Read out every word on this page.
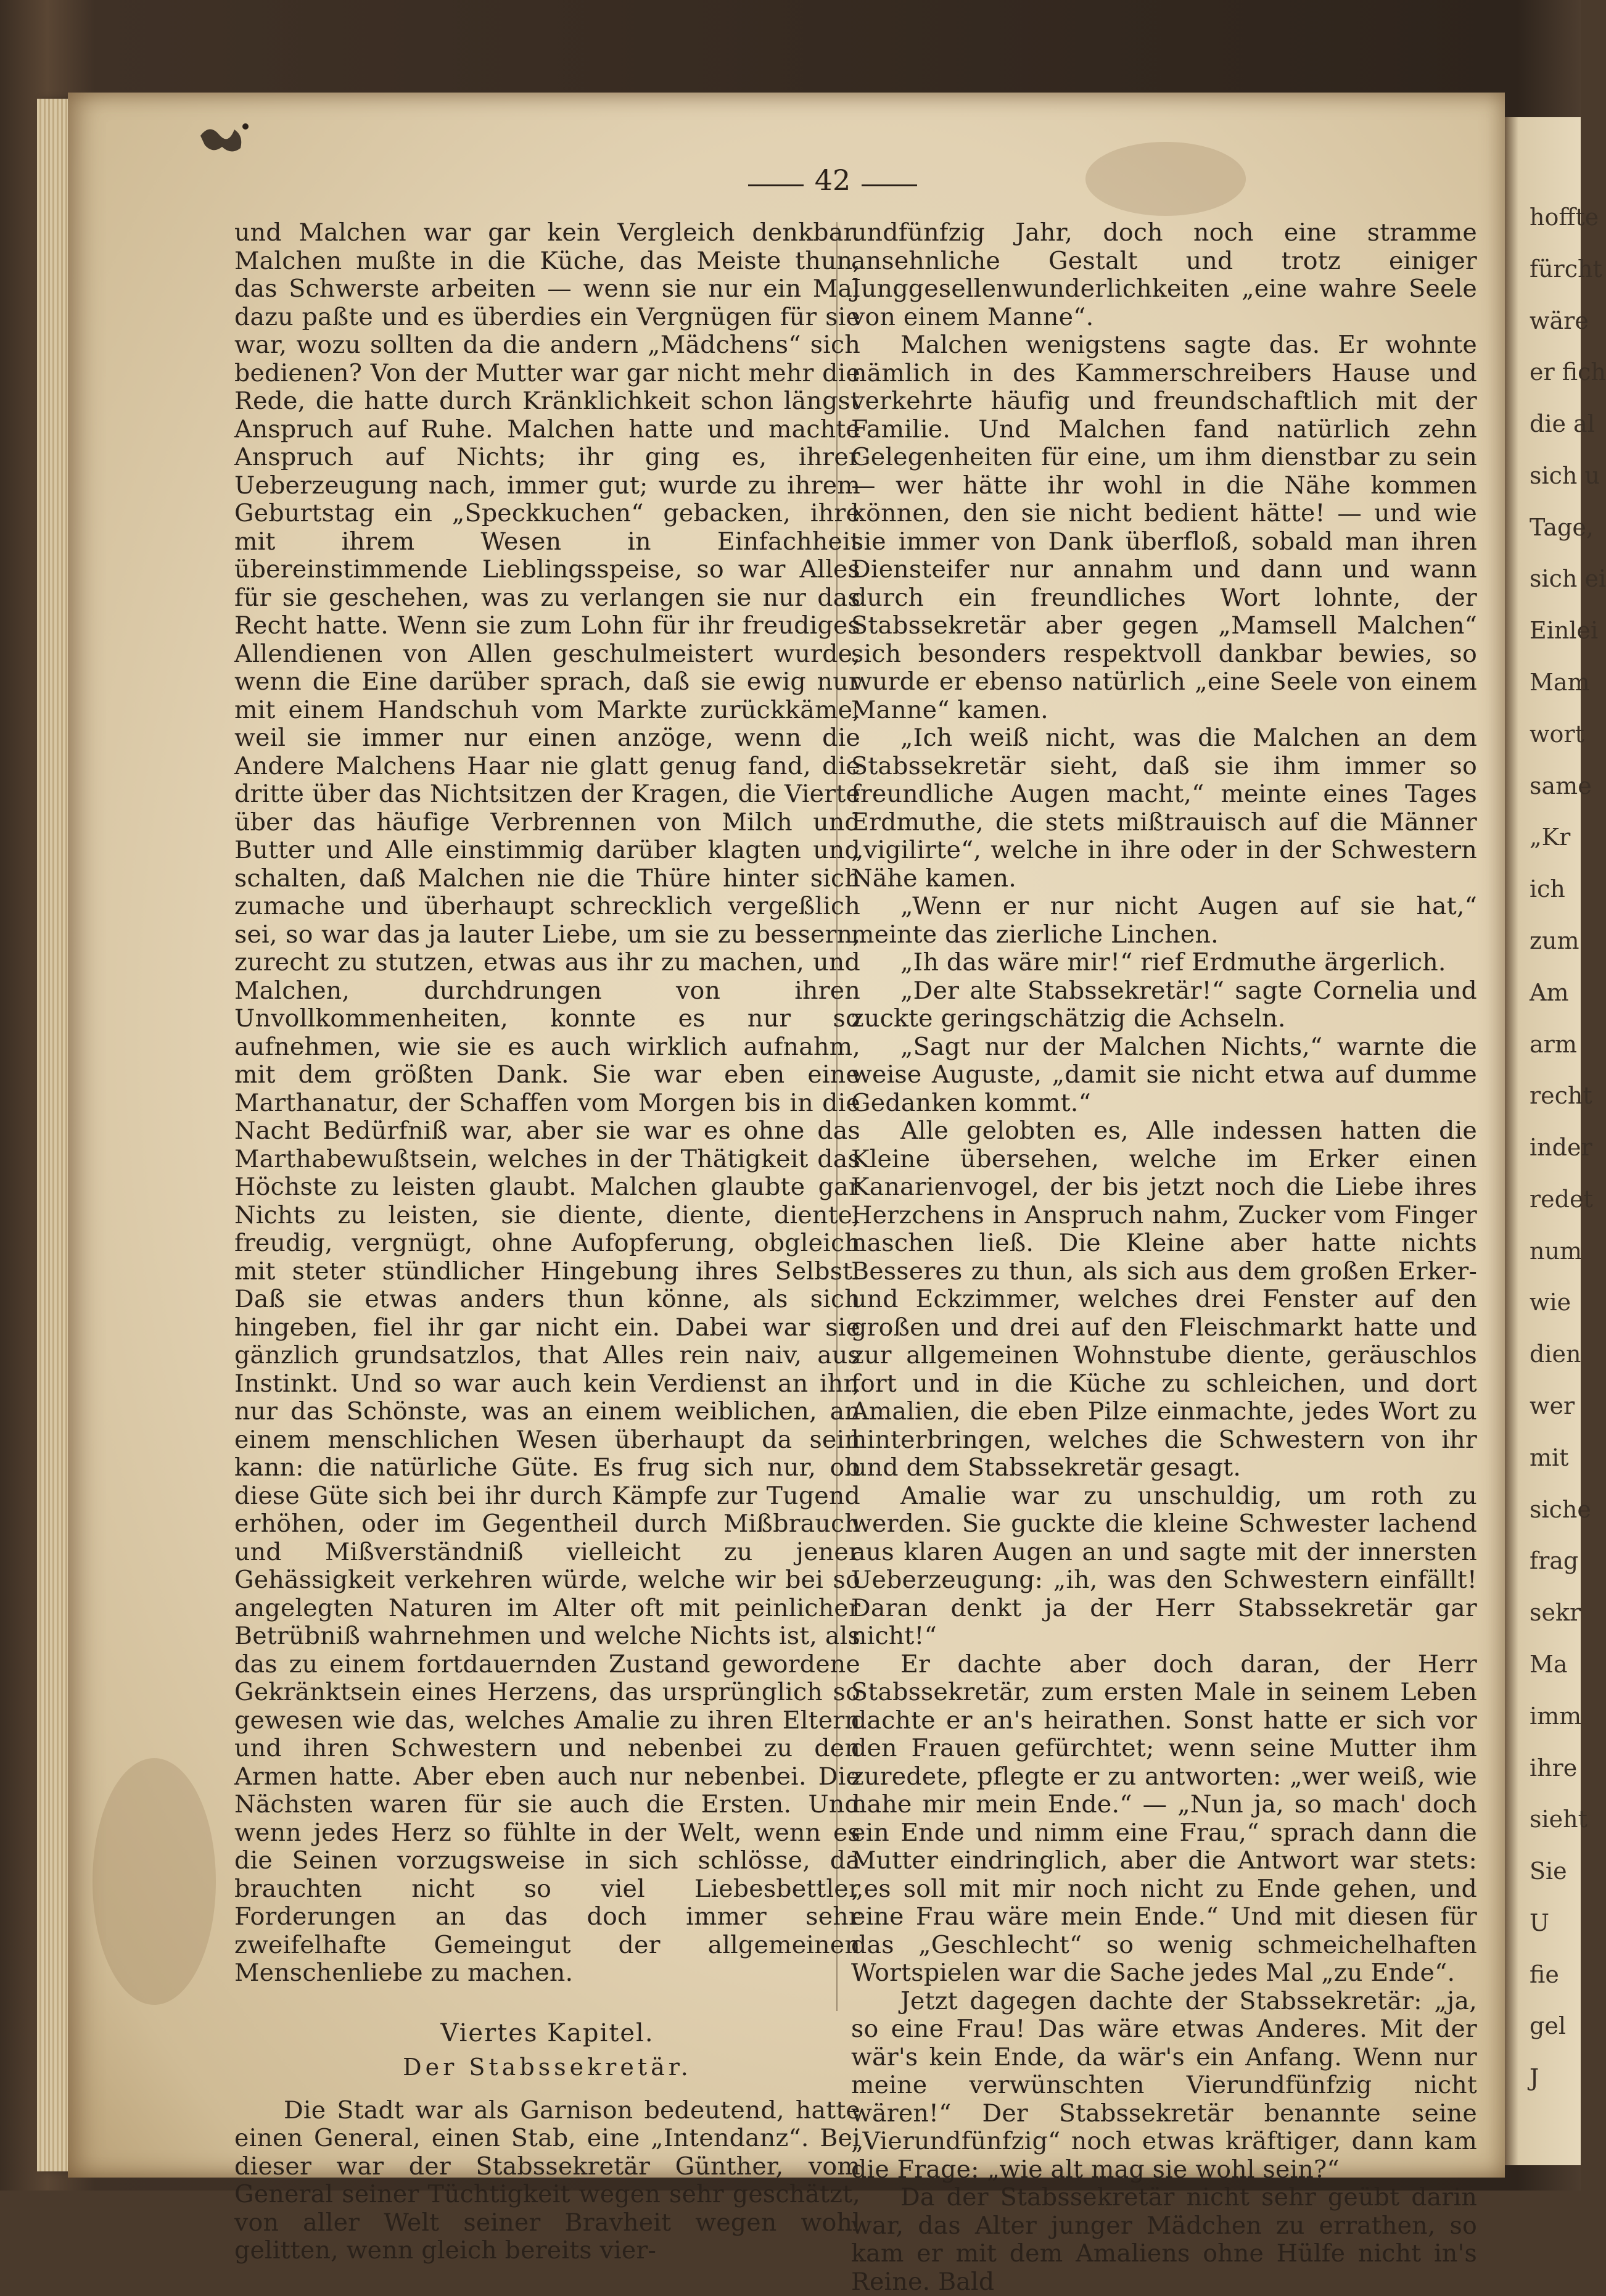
hoffte
fürcht
wäre
er fich
die al
sich u
Tage,
sich ei
Einlei
Mam
wort
same
„Kr
ich
zum
Am
arm
recht
inder
redet
num
wie
dien
wer
mit
siche
frag
sekr
Ma
imm
ihre
sieht
Sie
U
fie
gel
J
42

und Malchen war gar kein Vergleich denkbar. Malchen mußte in die Küche, das Meiste thun, das Schwerste arbeiten — wenn sie nur ein Mal dazu paßte und es überdies ein Vergnügen für sie war, wozu sollten da die andern „Mädchens“ sich bedienen? Von der Mutter war gar nicht mehr die Rede, die hatte durch Kränklichkeit schon längst Anspruch auf Ruhe. Malchen hatte und machte Anspruch auf Nichts; ihr ging es, ihrer Ueberzeugung nach, immer gut; wurde zu ihrem Geburtstag ein „Speckkuchen“ gebacken, ihre mit ihrem Wesen in Einfachheit übereinstimmende Lieblingsspeise, so war Alles für sie geschehen, was zu verlangen sie nur das Recht hatte. Wenn sie zum Lohn für ihr freudiges Allendienen von Allen geschulmeistert wurde, wenn die Eine darüber sprach, daß sie ewig nur mit einem Handschuh vom Markte zurückkäme, weil sie immer nur einen anzöge, wenn die Andere Malchens Haar nie glatt genug fand, die dritte über das Nichtsitzen der Kragen, die Vierte über das häufige Verbrennen von Milch und Butter und Alle einstimmig darüber klagten und schalten, daß Malchen nie die Thüre hinter sich zumache und überhaupt schrecklich vergeßlich sei, so war das ja lauter Liebe, um sie zu bessern, zurecht zu stutzen, etwas aus ihr zu machen, und Malchen, durchdrungen von ihren Unvollkommenheiten, konnte es nur so aufnehmen, wie sie es auch wirklich aufnahm, mit dem größten Dank. Sie war eben eine Marthanatur, der Schaffen vom Morgen bis in die Nacht Bedürfniß war, aber sie war es ohne das Marthabewußtsein, welches in der Thätigkeit das Höchste zu leisten glaubt. Malchen glaubte gar Nichts zu leisten, sie diente, diente, diente, freudig, vergnügt, ohne Aufopferung, obgleich mit steter stündlicher Hingebung ihres Selbst. Daß sie etwas anders thun könne, als sich hingeben, fiel ihr gar nicht ein. Dabei war sie gänzlich grundsatzlos, that Alles rein naiv, aus Instinkt. Und so war auch kein Verdienst an ihr, nur das Schönste, was an einem weiblichen, an einem menschlichen Wesen überhaupt da sein kann: die natürliche Güte. Es frug sich nur, ob diese Güte sich bei ihr durch Kämpfe zur Tugend erhöhen, oder im Gegentheil durch Mißbrauch und Mißverständniß vielleicht zu jener Gehässigkeit verkehren würde, welche wir bei so angelegten Naturen im Alter oft mit peinlicher Betrübniß wahrnehmen und welche Nichts ist, als das zu einem fortdauernden Zustand gewordene Gekränktsein eines Herzens, das ursprünglich so gewesen wie das, welches Amalie zu ihren Eltern und ihren Schwestern und nebenbei zu den Armen hatte. Aber eben auch nur nebenbei. Die Nächsten waren für sie auch die Ersten. Und wenn jedes Herz so fühlte in der Welt, wenn es die Seinen vorzugsweise in sich schlösse, da brauchten nicht so viel Liebesbettler Forderungen an das doch immer sehr zweifelhafte Gemeingut der allgemeinen Menschenliebe zu machen.

Viertes Kapitel.
Der Stabssekretär.

Die Stadt war als Garnison bedeutend, hatte einen General, einen Stab, eine „Intendanz“. Bei dieser war der Stabssekretär Günther, vom General seiner Tüchtigkeit wegen sehr geschätzt, von aller Welt seiner Bravheit wegen wohl gelitten, wenn gleich bereits vier-

undfünfzig Jahr, doch noch eine stramme ansehnliche Gestalt und trotz einiger Junggesellenwunderlichkeiten „eine wahre Seele von einem Manne“.

Malchen wenigstens sagte das. Er wohnte nämlich in des Kammerschreibers Hause und verkehrte häufig und freundschaftlich mit der Familie. Und Malchen fand natürlich zehn Gelegenheiten für eine, um ihm dienstbar zu sein — wer hätte ihr wohl in die Nähe kommen können, den sie nicht bedient hätte! — und wie sie immer von Dank überfloß, sobald man ihren Diensteifer nur annahm und dann und wann durch ein freundliches Wort lohnte, der Stabssekretär aber gegen „Mamsell Malchen“ sich besonders respektvoll dankbar bewies, so wurde er ebenso natürlich „eine Seele von einem Manne“ kamen.

„Ich weiß nicht, was die Malchen an dem Stabssekretär sieht, daß sie ihm immer so freundliche Augen macht,“ meinte eines Tages Erdmuthe, die stets mißtrauisch auf die Männer „vigilirte“, welche in ihre oder in der Schwestern Nähe kamen.

„Wenn er nur nicht Augen auf sie hat,“ meinte das zierliche Linchen.

„Ih das wäre mir!“ rief Erdmuthe ärgerlich.

„Der alte Stabssekretär!“ sagte Cornelia und zuckte geringschätzig die Achseln.

„Sagt nur der Malchen Nichts,“ warnte die weise Auguste, „damit sie nicht etwa auf dumme Gedanken kommt.“

Alle gelobten es, Alle indessen hatten die Kleine übersehen, welche im Erker einen Kanarienvogel, der bis jetzt noch die Liebe ihres Herzchens in Anspruch nahm, Zucker vom Finger naschen ließ. Die Kleine aber hatte nichts Besseres zu thun, als sich aus dem großen Erker- und Eckzimmer, welches drei Fenster auf den großen und drei auf den Fleischmarkt hatte und zur allgemeinen Wohnstube diente, geräuschlos fort und in die Küche zu schleichen, und dort Amalien, die eben Pilze einmachte, jedes Wort zu hinterbringen, welches die Schwestern von ihr und dem Stabssekretär gesagt.

Amalie war zu unschuldig, um roth zu werden. Sie guckte die kleine Schwester lachend aus klaren Augen an und sagte mit der innersten Ueberzeugung: „ih, was den Schwestern einfällt! Daran denkt ja der Herr Stabssekretär gar nicht!“

Er dachte aber doch daran, der Herr Stabssekretär, zum ersten Male in seinem Leben dachte er an's heirathen. Sonst hatte er sich vor den Frauen gefürchtet; wenn seine Mutter ihm zuredete, pflegte er zu antworten: „wer weiß, wie nahe mir mein Ende.“ — „Nun ja, so mach' doch ein Ende und nimm eine Frau,“ sprach dann die Mutter eindringlich, aber die Antwort war stets: „es soll mit mir noch nicht zu Ende gehen, und eine Frau wäre mein Ende.“ Und mit diesen für das „Geschlecht“ so wenig schmeichelhaften Wortspielen war die Sache jedes Mal „zu Ende“.

Jetzt dagegen dachte der Stabssekretär: „ja, so eine Frau! Das wäre etwas Anderes. Mit der wär's kein Ende, da wär's ein Anfang. Wenn nur meine verwünschten Vierundfünfzig nicht wären!“ Der Stabssekretär benannte seine „Vierundfünfzig“ noch etwas kräftiger, dann kam die Frage: „wie alt mag sie wohl sein?“

Da der Stabssekretär nicht sehr geübt darin war, das Alter junger Mädchen zu errathen, so kam er mit dem Amaliens ohne Hülfe nicht in's Reine. Bald
